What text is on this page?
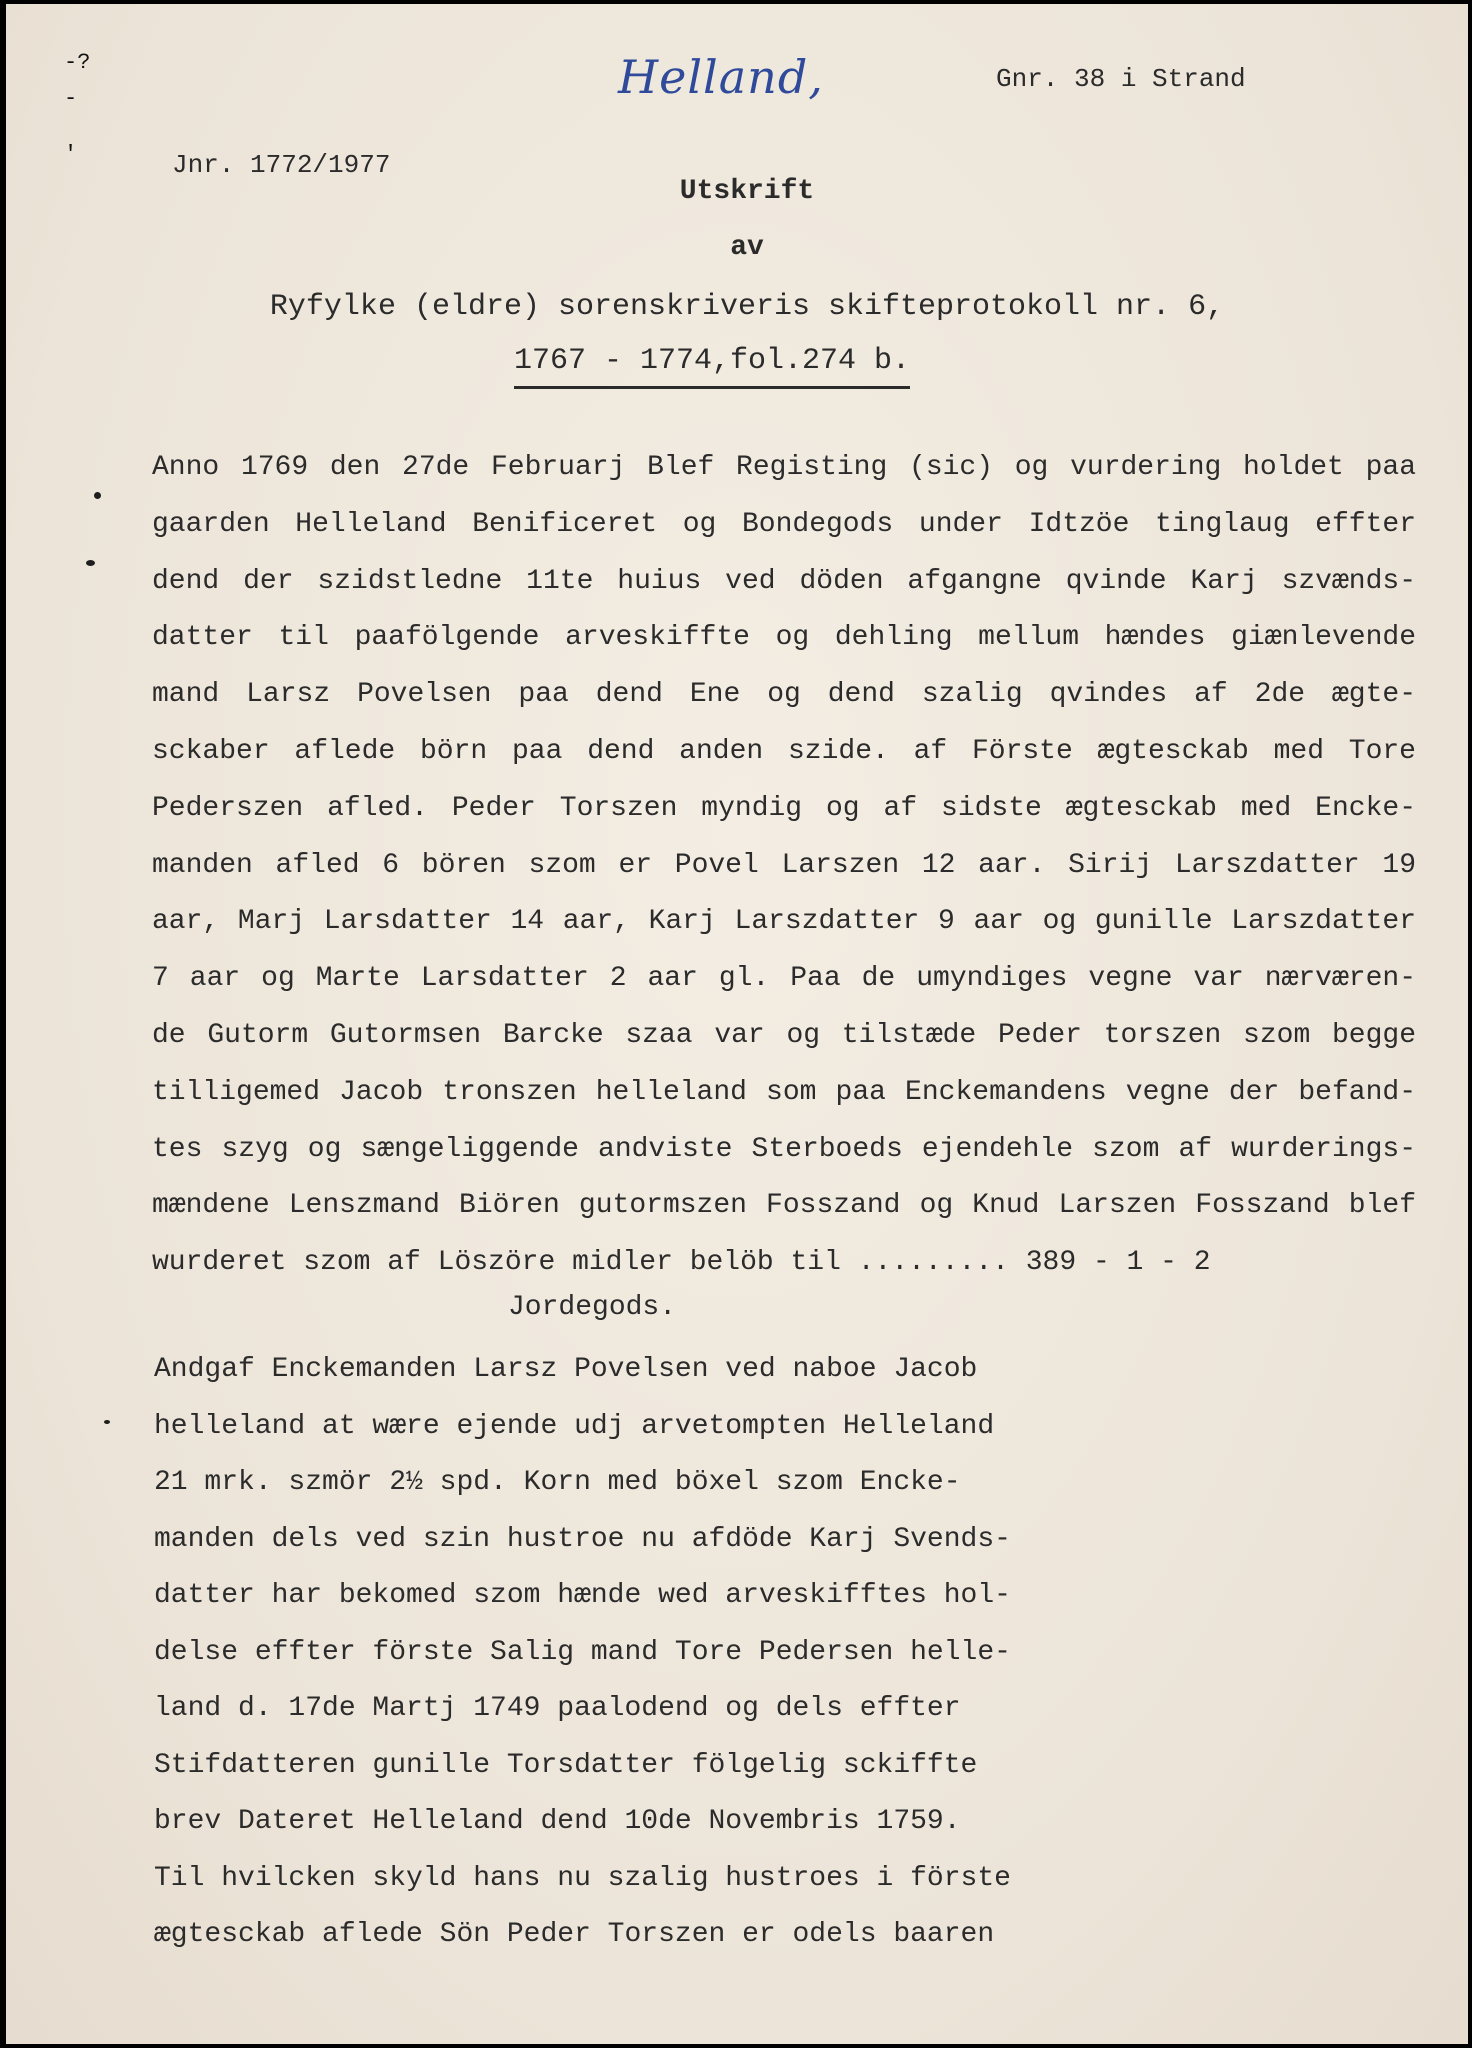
-?
-
'
Helland,	Gnr. 38 i Strand
Jnr. 1772/1977
Utskrift
av
Ryfylke (eldre) sorenskriveris skifteprotokoll nr. 6,
1767 - 1774,fol.274 b.
Anno 1769 den 27de Februarj Blef Registing (sic) og vurdering holdet paa
gaarden Helleland Benificeret og Bondegods under Idtzöe tinglaug effter
dend der szidstledne 11te huius ved döden afgangne qvinde Karj szvænds-
datter til paafölgende arveskiffte og dehling mellum hændes giænlevende
mand Larsz Povelsen paa dend Ene og dend szalig qvindes af 2de ægte-
sckaber aflede börn paa dend anden szide. af Förste ægtesckab med Tore
Pederszen afled. Peder Torszen myndig og af sidste ægtesckab med Encke-
manden afled 6 bören szom er Povel Larszen 12 aar. Sirij Larszdatter 19
aar, Marj Larsdatter 14 aar, Karj Larszdatter 9 aar og gunille Larszdatter
7 aar og Marte Larsdatter 2 aar gl. Paa de umyndiges vegne var nærværen-
de Gutorm Gutormsen Barcke szaa var og tilstæde Peder torszen szom begge
tilligemed Jacob tronszen helleland som paa Enckemandens vegne der befand-
tes szyg og sængeliggende andviste Sterboeds ejendehle szom af wurderings-
mændene Lenszmand Biören gutormszen Fosszand og Knud Larszen Fosszand blef
wurderet szom af Löszöre midler belöb til ......... 389 - 1 - 2
Jordegods.
Andgaf Enckemanden Larsz Povelsen ved naboe Jacob
helleland at wære ejende udj arvetompten Helleland
21 mrk. szmör 2½ spd. Korn med böxel szom Encke-
manden dels ved szin hustroe nu afdöde Karj Svends-
datter har bekomed szom hænde wed arveskifftes hol-
delse effter förste Salig mand Tore Pedersen helle-
land d. 17de Martj 1749 paalodend og dels effter
Stifdatteren gunille Torsdatter fölgelig sckiffte
brev Dateret Helleland dend 10de Novembris 1759.
Til hvilcken skyld hans nu szalig hustroes i förste
ægtesckab aflede Sön Peder Torszen er odels baaren
